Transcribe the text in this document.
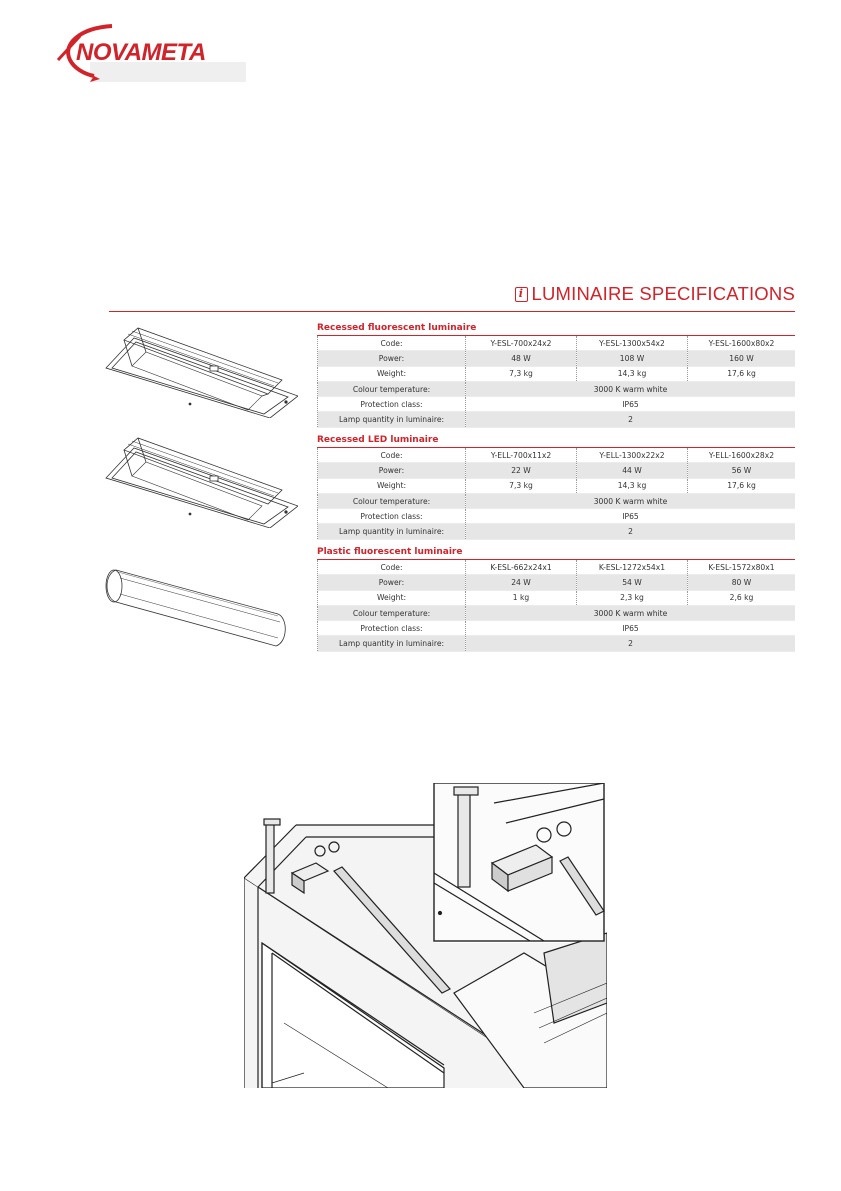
NOVAMETA
i LUMINAIRE SPECIFICATIONS
Recessed fluorescent luminaire
Code:	Y-ESL-700x24x2	Y-ESL-1300x54x2	Y-ESL-1600x80x2
Power:	48 W	108 W	160 W
Weight:	7,3 kg	14,3 kg	17,6 kg
Colour temperature:	3000 K warm white		
Protection class:	IP65		
Lamp quantity in luminaire:	2		
Recessed LED luminaire
Code:	Y-ELL-700x11x2	Y-ELL-1300x22x2	Y-ELL-1600x28x2
Power:	22 W	44 W	56 W
Weight:	7,3 kg	14,3 kg	17,6 kg
Colour temperature:	3000 K warm white		
Protection class:	IP65		
Lamp quantity in luminaire:	2		
Plastic fluorescent luminaire
Code:	K-ESL-662x24x1	K-ESL-1272x54x1	K-ESL-1572x80x1
Power:	24 W	54 W	80 W
Weight:	1 kg	2,3 kg	2,6 kg
Colour temperature:	3000 K warm white		
Protection class:	IP65		
Lamp quantity in luminaire:	2		
